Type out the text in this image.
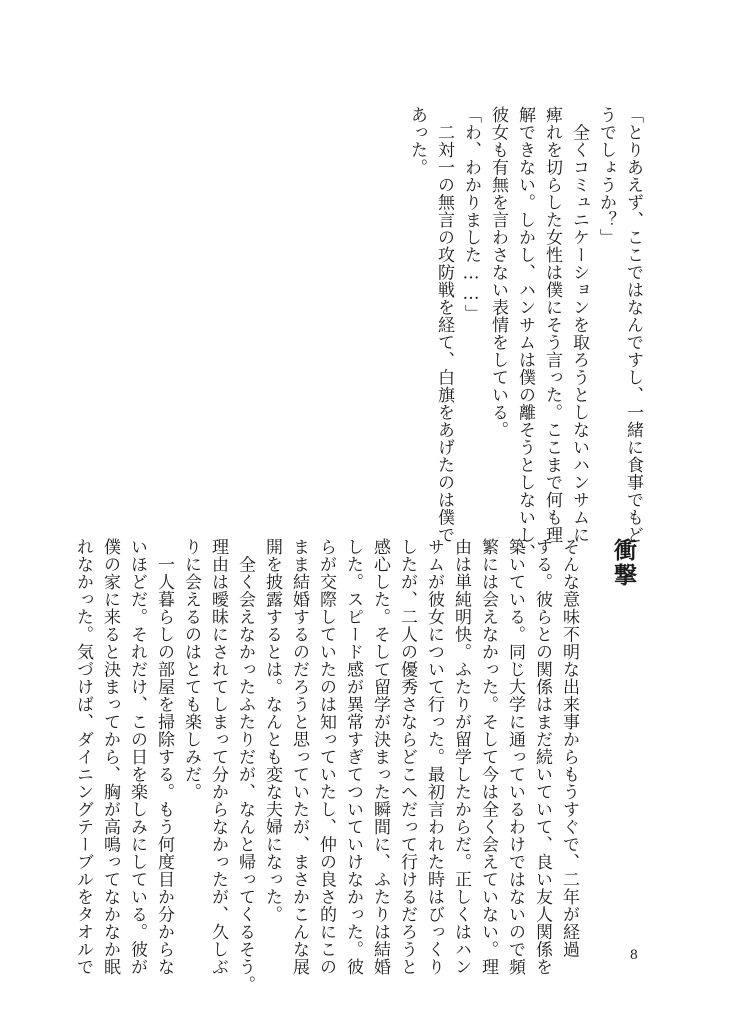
「とりあえず、ここではなんですし、一緒に食事でもど
うでしょうか？」
　全くコミュニケーションを取ろうとしないハンサムに
痺れを切らした女性は僕にそう言った。ここまで何も理
解できない。しかし、ハンサムは僕の離そうとしないし、
彼女も有無を言わさない表情をしている。
「わ、わかりました……」
　二対一の無言の攻防戦を経て、白旗をあげたのは僕で
あった。
衝撃
そんな意味不明な出来事からもうすぐで、二年が経過
する。彼らとの関係はまだ続いていて、良い友人関係を
築いている。同じ大学に通っているわけではないので頻
繁には会えなかった。そして今は全く会えていない。理
由は単純明快。ふたりが留学したからだ。正しくはハン
サムが彼女について行った。最初言われた時はびっくり
したが、二人の優秀さならどこへだって行けるだろうと
感心した。そして留学が決まった瞬間に、ふたりは結婚
した。スピード感が異常すぎてついていけなかった。彼
らが交際していたのは知っていたし、仲の良さ的にこの
まま結婚するのだろうと思っていたが、まさかこんな展
開を披露するとは。なんとも変な夫婦になった。
　全く会えなかったふたりだが、なんと帰ってくるそう。
理由は曖昧にされてしまって分からなかったが、久しぶ
りに会えるのはとても楽しみだ。
　一人暮らしの部屋を掃除する。もう何度目か分からな
いほどだ。それだけ、この日を楽しみにしている。彼が
僕の家に来ると決まってから、胸が高鳴ってなかなか眠
れなかった。気づけば、ダイニングテーブルをタオルで	8
